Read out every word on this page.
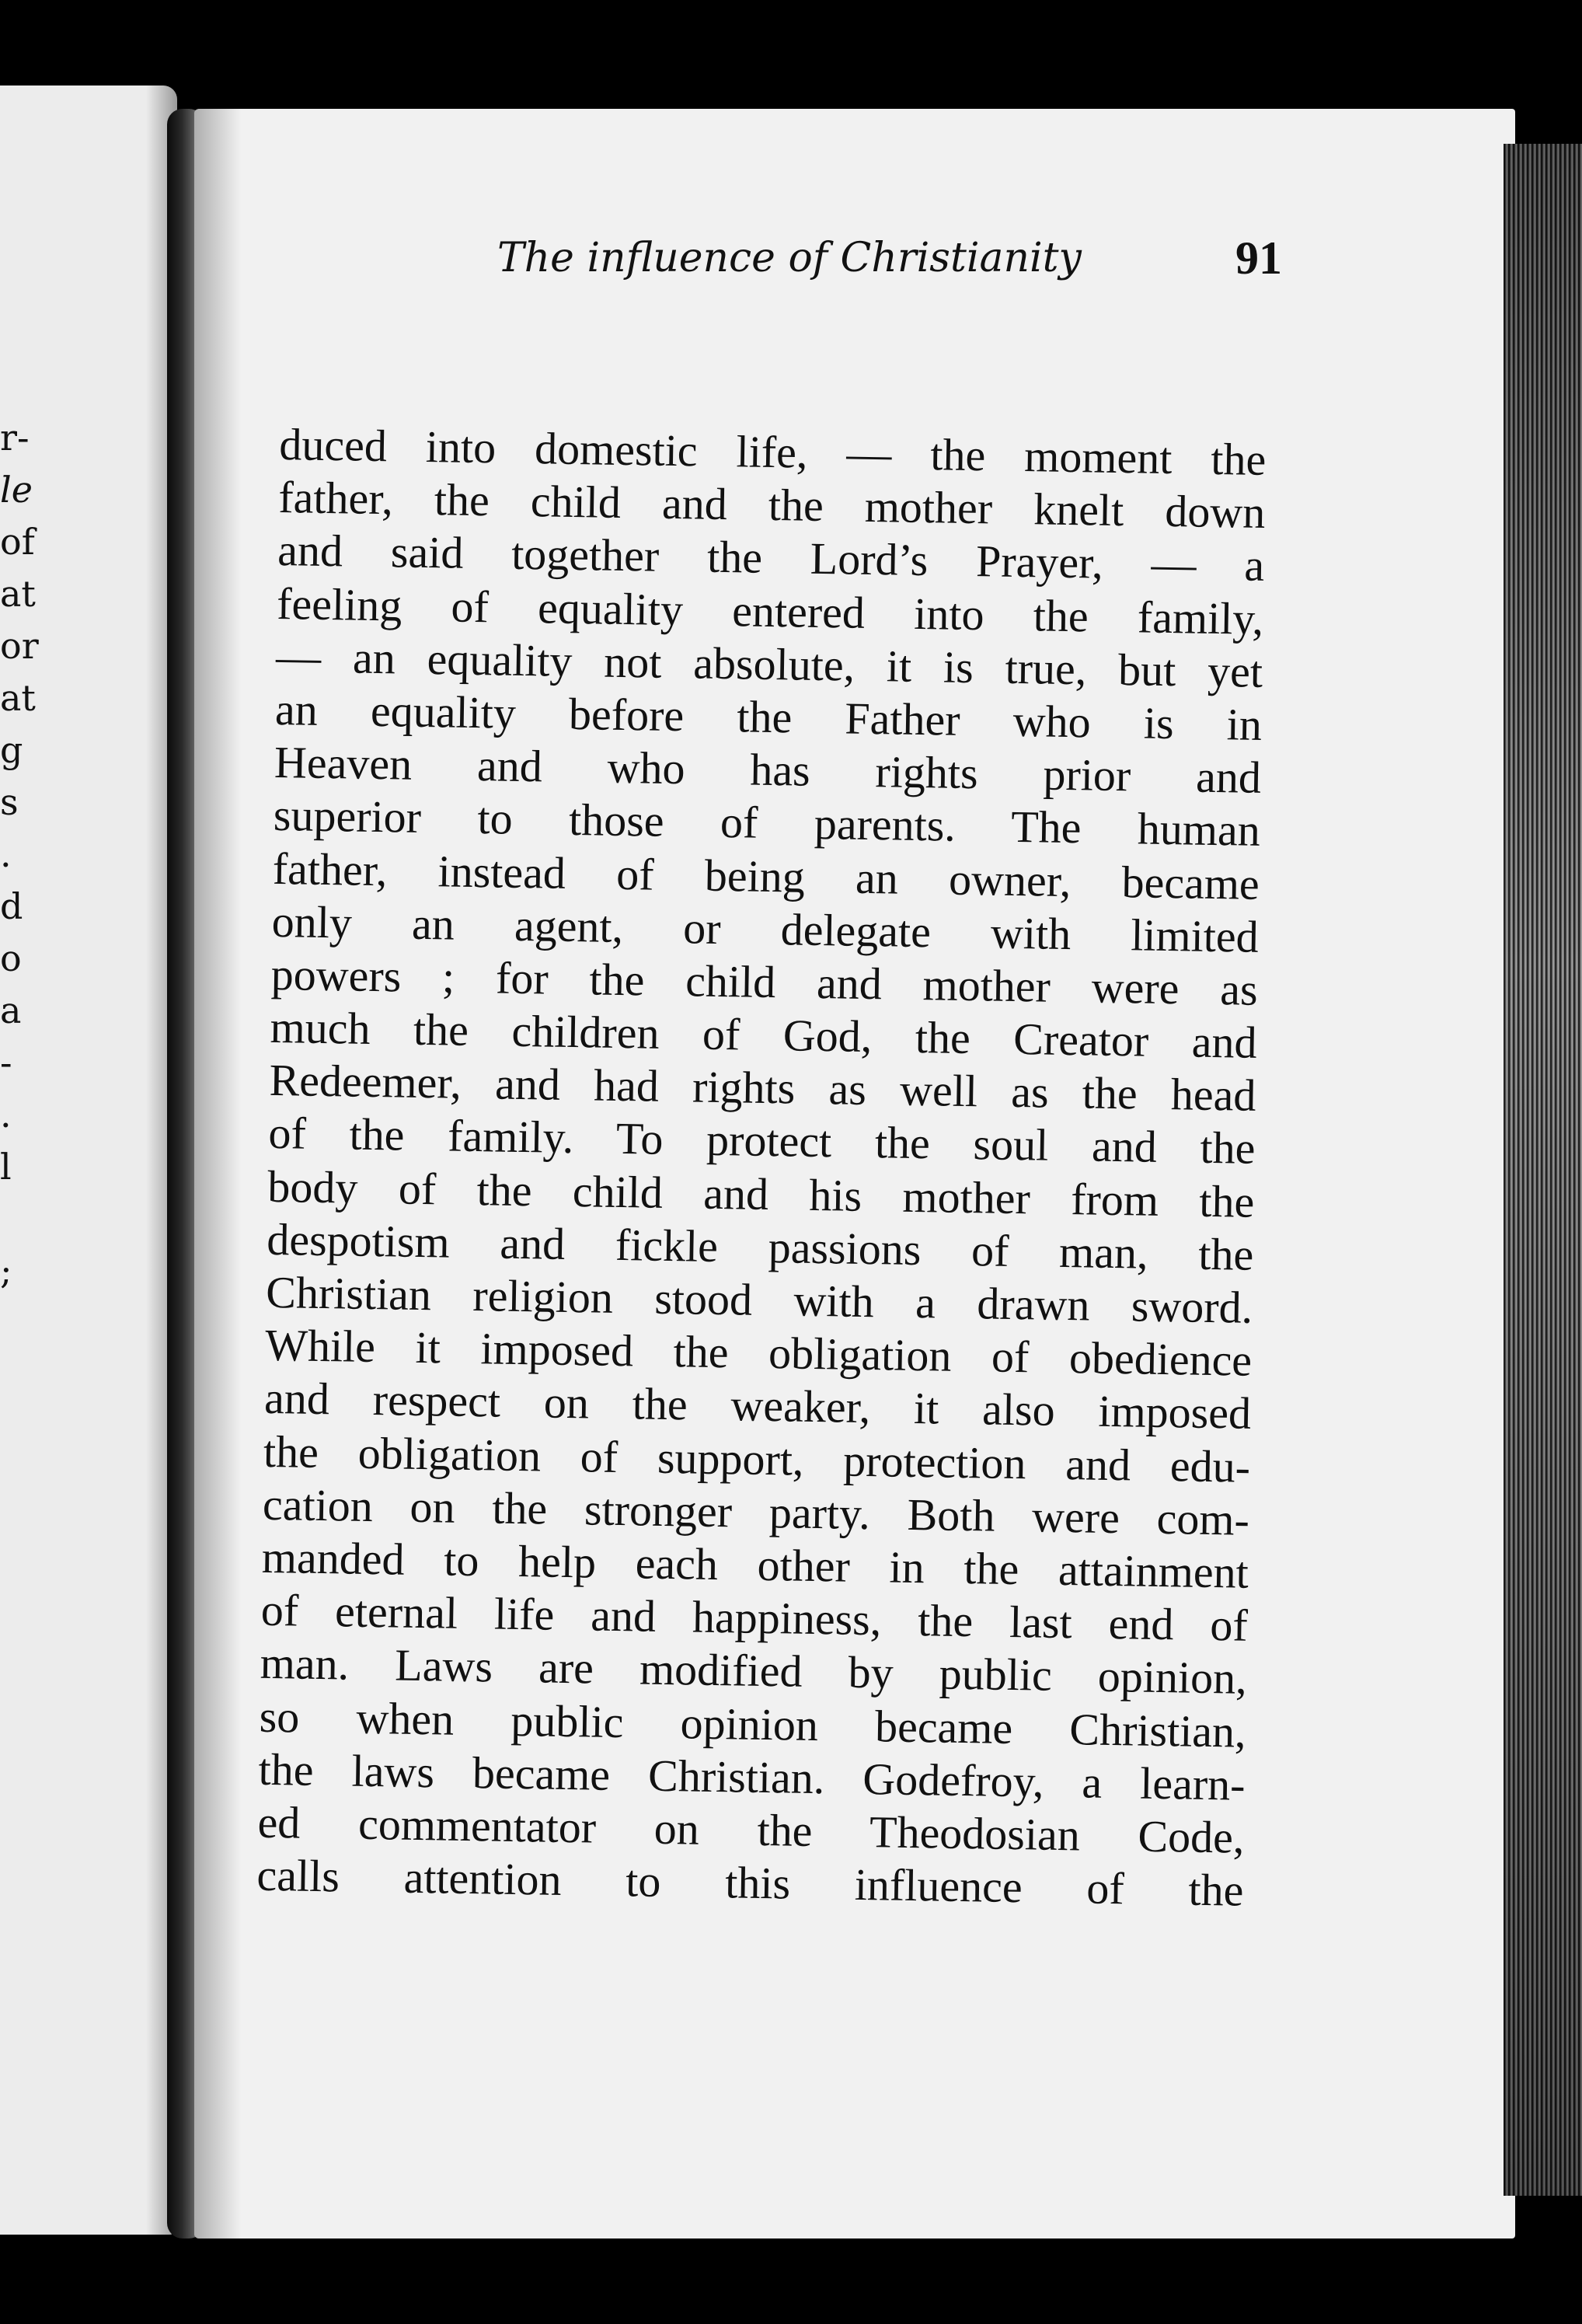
r-
le
of
at
or
at
g
s
.
d
o
a
-
.
l
;
The influence of Christianity	91
duced into domestic life, — the moment the
father, the child and the mother knelt down
and said together the Lord’s Prayer, — a
feeling of equality entered into the family,
— an equality not absolute, it is true, but yet
an equality before the Father who is in
Heaven and who has rights prior and
superior to those of parents. The human
father, instead of being an owner, became
only an agent, or delegate with limited
powers ; for the child and mother were as
much the children of God, the Creator and
Redeemer, and had rights as well as the head
of the family. To protect the soul and the
body of the child and his mother from the
despotism and fickle passions of man, the
Christian religion stood with a drawn sword.
While it imposed the obligation of obedience
and respect on the weaker, it also imposed
the obligation of support, protection and edu-
cation on the stronger party. Both were com-
manded to help each other in the attainment
of eternal life and happiness, the last end of
man. Laws are modified by public opinion,
so when public opinion became Christian,
the laws became Christian. Godefroy, a learn-
ed commentator on the Theodosian Code,
calls attention to this influence of the
